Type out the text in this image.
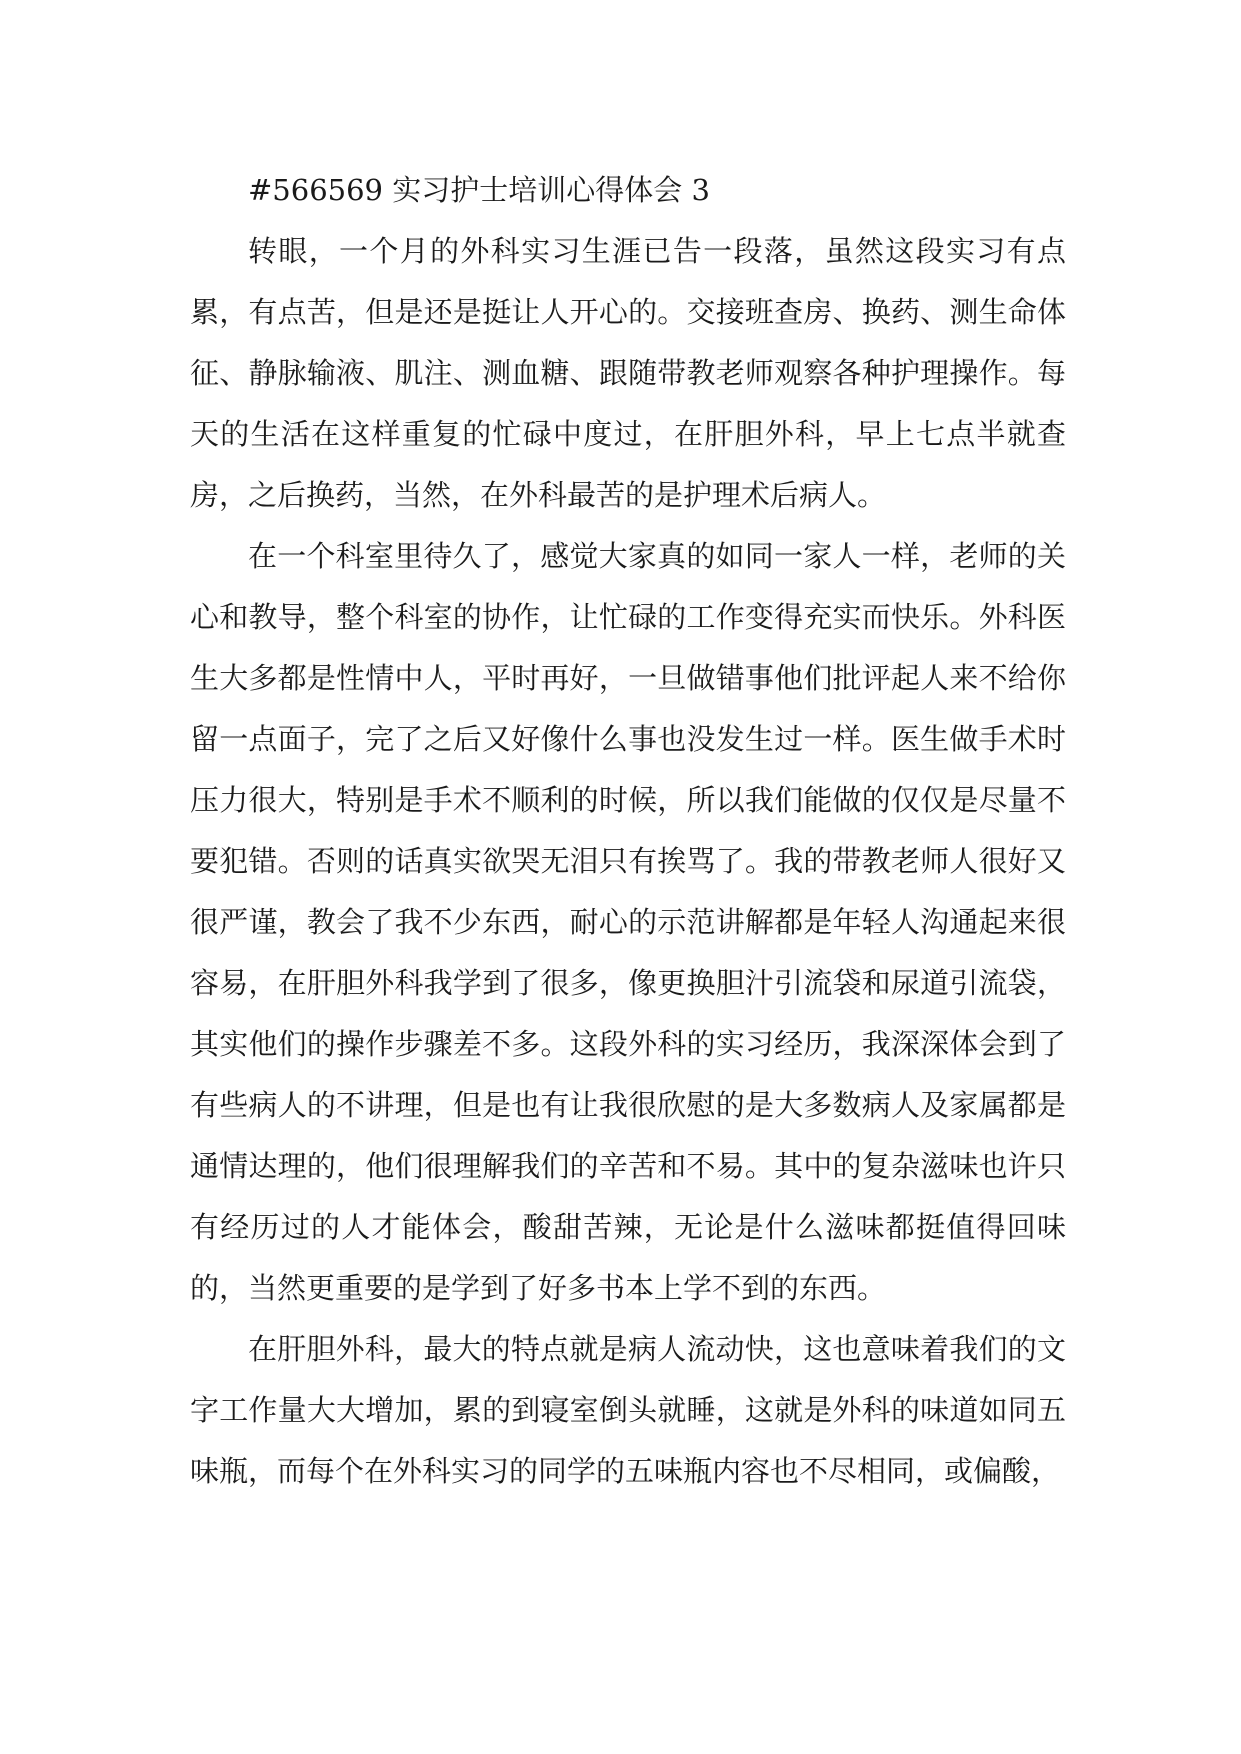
#566569 实习护士培训心得体会 3

转眼，一个月的外科实习生涯已告一段落，虽然这段实习有点累，有点苦，但是还是挺让人开心的。交接班查房、换药、测生命体征、静脉输液、肌注、测血糖、跟随带教老师观察各种护理操作。每天的生活在这样重复的忙碌中度过，在肝胆外科，早上七点半就查房，之后换药，当然，在外科最苦的是护理术后病人。

在一个科室里待久了，感觉大家真的如同一家人一样，老师的关心和教导，整个科室的协作，让忙碌的工作变得充实而快乐。外科医生大多都是性情中人，平时再好，一旦做错事他们批评起人来不给你留一点面子，完了之后又好像什么事也没发生过一样。医生做手术时压力很大，特别是手术不顺利的时候，所以我们能做的仅仅是尽量不要犯错。否则的话真实欲哭无泪只有挨骂了。我的带教老师人很好又很严谨，教会了我不少东西，耐心的示范讲解都是年轻人沟通起来很容易，在肝胆外科我学到了很多，像更换胆汁引流袋和尿道引流袋，其实他们的操作步骤差不多。这段外科的实习经历，我深深体会到了有些病人的不讲理，但是也有让我很欣慰的是大多数病人及家属都是通情达理的，他们很理解我们的辛苦和不易。其中的复杂滋味也许只有经历过的人才能体会，酸甜苦辣，无论是什么滋味都挺值得回味的，当然更重要的是学到了好多书本上学不到的东西。

在肝胆外科，最大的特点就是病人流动快，这也意味着我们的文字工作量大大增加，累的到寝室倒头就睡，这就是外科的味道如同五味瓶，而每个在外科实习的同学的五味瓶内容也不尽相同，或偏酸，
